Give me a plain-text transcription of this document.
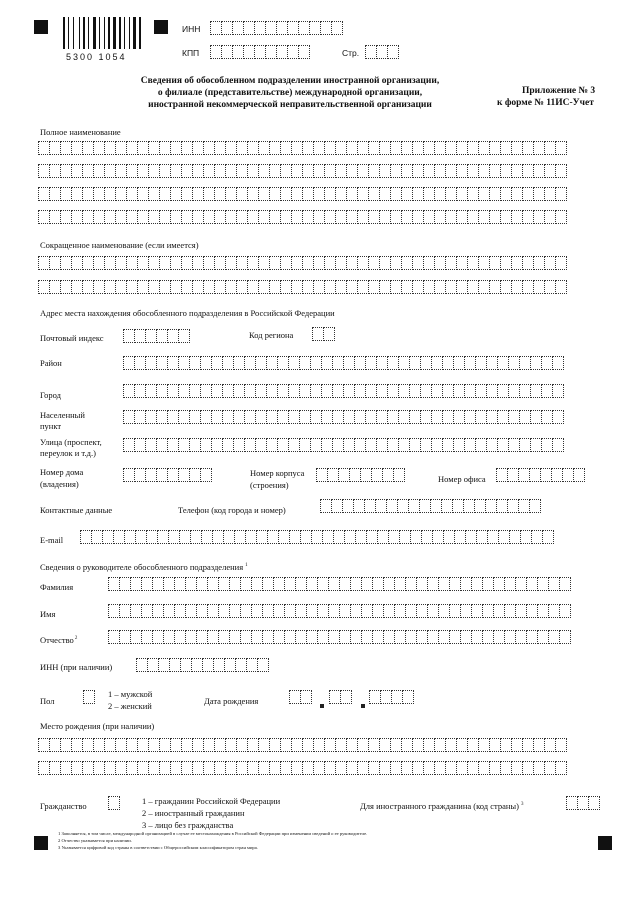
5300 1054
ИНН
КПП	Стр.
Сведения об обособленном подразделении иностранной организации,
о филиале (представительстве) международной организации,
иностранной некоммерческой неправительственной организации
Приложение № 3
к форме № 11ИС-Учет
Полное наименование
Сокращенное наименование (если имеется)
Адрес места нахождения обособленного подразделения в Российской Федерации
Почтовый индекс	Код региона
Район
Город
Населенный
пункт
Улица (проспект,
переулок и т.д.)
Номер дома
(владения)
Номер корпуса
(строения)
Номер офиса
Контактные данные	Телефон (код города и номер)
E-mail
Сведения о руководителе обособленного подразделения $^1$
Фамилия
Имя
Отчество$^2$
ИНН (при наличии)
Пол
1 – мужской
2 – женский	Дата рождения
Место рождения (при наличии)
Гражданство	1 – гражданин Российской Федерации
2 – иностранный гражданин
3 – лицо без гражданства
Для иностранного гражданина (код страны) $^3$
1 Заполняется, в том числе, международной организацией в случае ее местонахождения в Российской Федерации при изменении сведений о ее руководителе.
2 Отчество указывается при наличии.
3 Указывается цифровой код страны в соответствии с Общероссийским классификатором стран мира.
